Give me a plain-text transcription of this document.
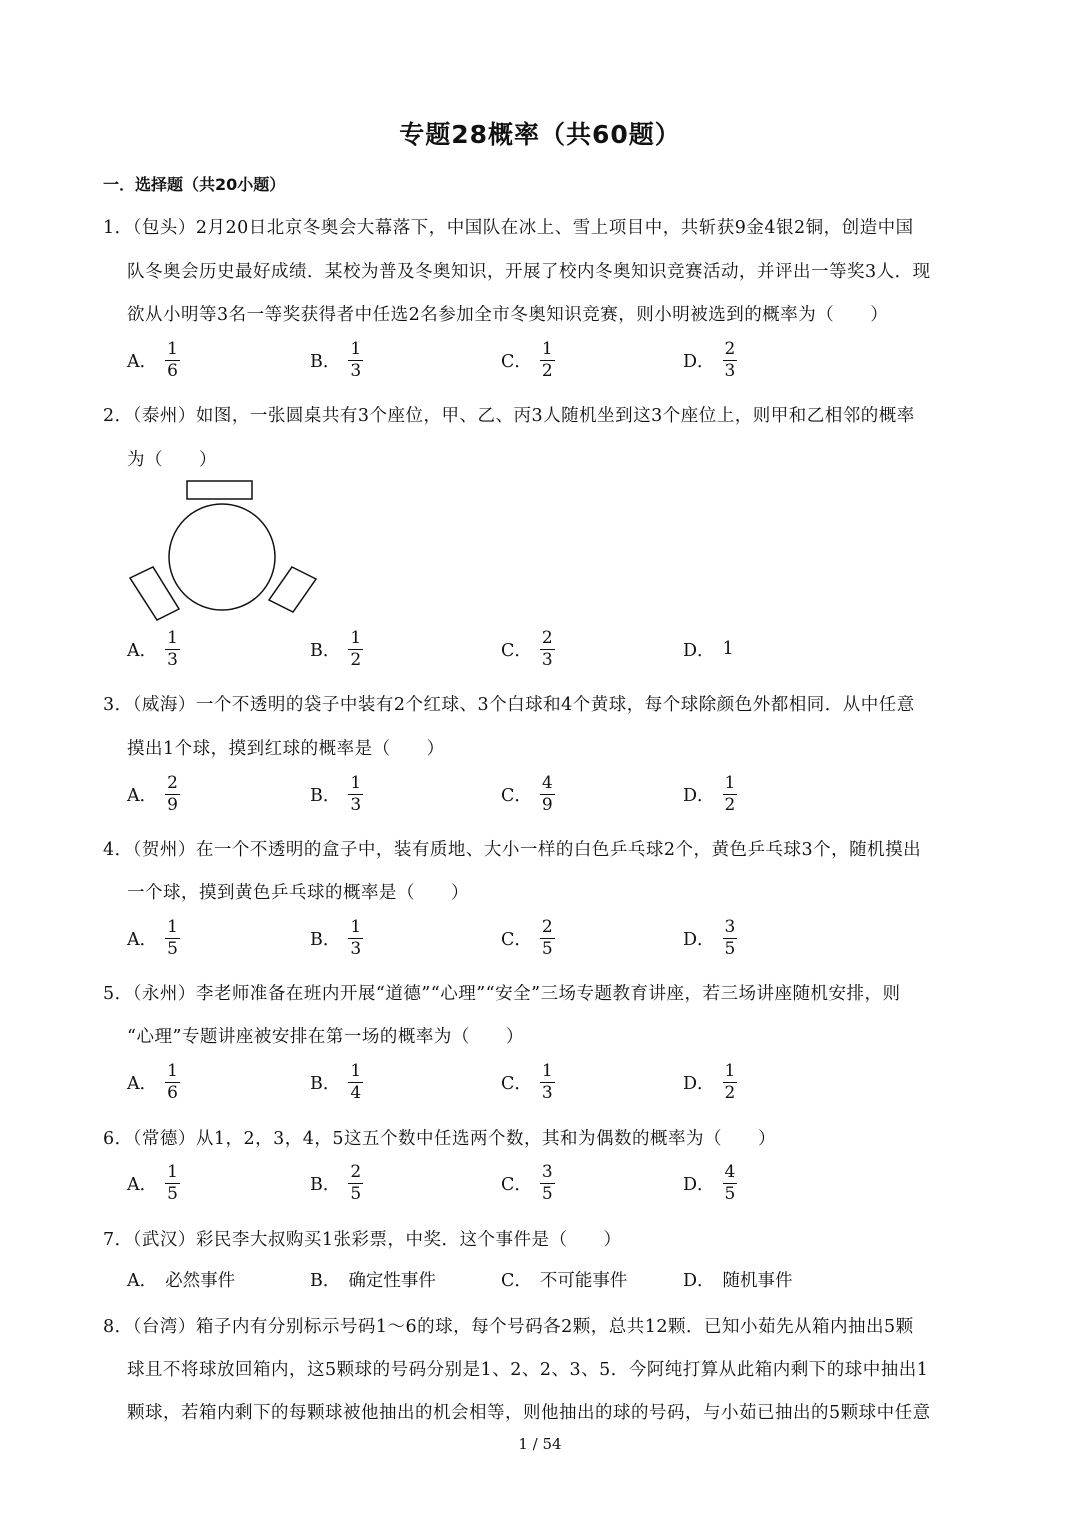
专题28概率（共60题）
一．选择题（共20小题）
1．（包头）2月20日北京冬奥会大幕落下，中国队在冰上、雪上项目中，共斩获9金4银2铜，创造中国
队冬奥会历史最好成绩．某校为普及冬奥知识，开展了校内冬奥知识竞赛活动，并评出一等奖3人．现
欲从小明等3名一等奖获得者中任选2名参加全市冬奥知识竞赛，则小明被选到的概率为（　　）
A． $\frac{1}{6}$	B． $\frac{1}{3}$	C． $\frac{1}{2}$	D． $\frac{2}{3}$
2．（泰州）如图，一张圆桌共有3个座位，甲、乙、丙3人随机坐到这3个座位上，则甲和乙相邻的概率
为（　　）
A． $\frac{1}{3}$	B． $\frac{1}{2}$	C． $\frac{2}{3}$	D． 1
3．（威海）一个不透明的袋子中装有2个红球、3个白球和4个黄球，每个球除颜色外都相同．从中任意
摸出1个球，摸到红球的概率是（　　）
A． $\frac{2}{9}$	B． $\frac{1}{3}$	C． $\frac{4}{9}$	D． $\frac{1}{2}$
4．（贺州）在一个不透明的盒子中，装有质地、大小一样的白色乒乓球2个，黄色乒乓球3个，随机摸出
一个球，摸到黄色乒乓球的概率是（　　）
A． $\frac{1}{5}$	B． $\frac{1}{3}$	C． $\frac{2}{5}$	D． $\frac{3}{5}$
5．（永州）李老师准备在班内开展“道德”“心理”“安全”三场专题教育讲座，若三场讲座随机安排，则
“心理”专题讲座被安排在第一场的概率为（　　）
A． $\frac{1}{6}$	B． $\frac{1}{4}$	C． $\frac{1}{3}$	D． $\frac{1}{2}$
6．（常德）从1，2，3，4，5这五个数中任选两个数，其和为偶数的概率为（　　）
A． $\frac{1}{5}$	B． $\frac{2}{5}$	C． $\frac{3}{5}$	D． $\frac{4}{5}$
7．（武汉）彩民李大叔购买1张彩票，中奖．这个事件是（　　）
A． 必然事件	B． 确定性事件	C． 不可能事件	D． 随机事件
8．（台湾）箱子内有分别标示号码1～6的球，每个号码各2颗，总共12颗．已知小茹先从箱内抽出5颗
球且不将球放回箱内，这5颗球的号码分别是1、2、2、3、5．今阿纯打算从此箱内剩下的球中抽出1
颗球，若箱内剩下的每颗球被他抽出的机会相等，则他抽出的球的号码，与小茹已抽出的5颗球中任意
1 / 54
